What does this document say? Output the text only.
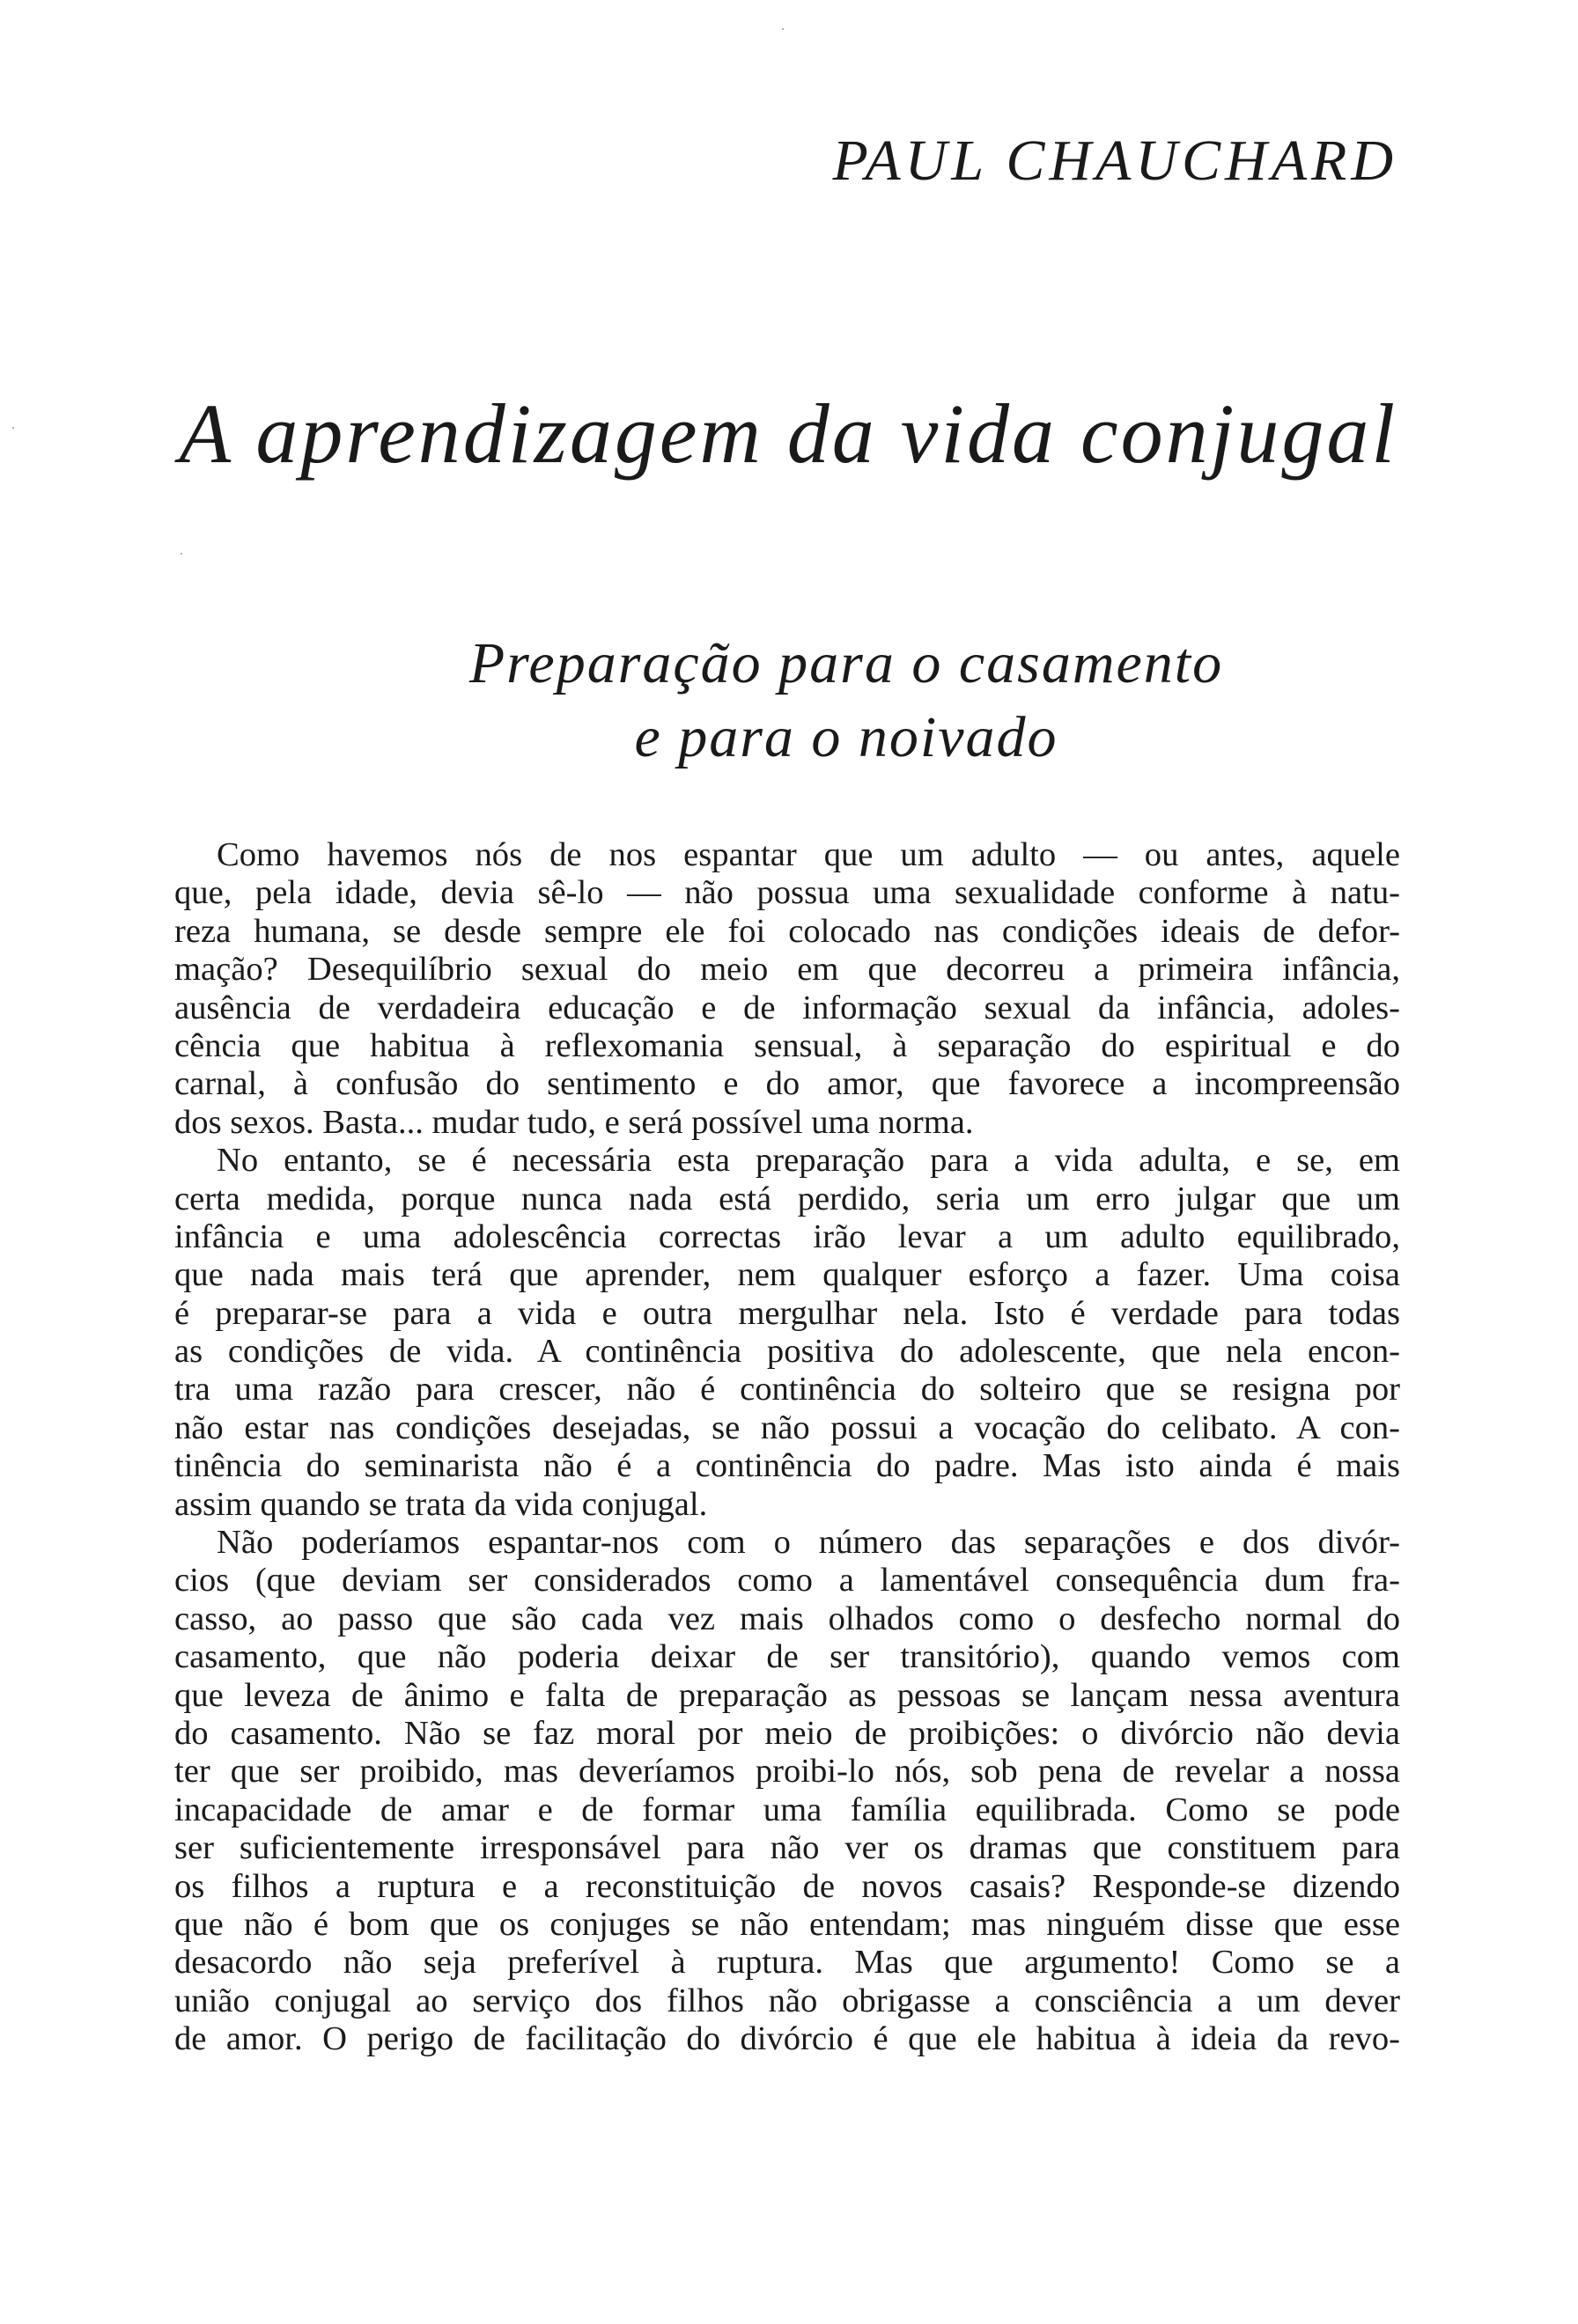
PAUL CHAUCHARD
A aprendizagem da vida conjugal
Preparação para o casamento
e para o noivado
Como havemos nós de nos espantar que um adulto — ou antes, aquele
que, pela idade, devia sê-lo — não possua uma sexualidade conforme à natu-
reza humana, se desde sempre ele foi colocado nas condições ideais de defor-
mação? Desequilíbrio sexual do meio em que decorreu a primeira infância,
ausência de verdadeira educação e de informação sexual da infância, adoles-
cência que habitua à reflexomania sensual, à separação do espiritual e do
carnal, à confusão do sentimento e do amor, que favorece a incompreensão
dos sexos. Basta... mudar tudo, e será possível uma norma.
No entanto, se é necessária esta preparação para a vida adulta, e se, em
certa medida, porque nunca nada está perdido, seria um erro julgar que um
infância e uma adolescência correctas irão levar a um adulto equilibrado,
que nada mais terá que aprender, nem qualquer esforço a fazer. Uma coisa
é preparar-se para a vida e outra mergulhar nela. Isto é verdade para todas
as condições de vida. A continência positiva do adolescente, que nela encon-
tra uma razão para crescer, não é continência do solteiro que se resigna por
não estar nas condições desejadas, se não possui a vocação do celibato. A con-
tinência do seminarista não é a continência do padre. Mas isto ainda é mais
assim quando se trata da vida conjugal.
Não poderíamos espantar-nos com o número das separações e dos divór-
cios (que deviam ser considerados como a lamentável consequência dum fra-
casso, ao passo que são cada vez mais olhados como o desfecho normal do
casamento, que não poderia deixar de ser transitório), quando vemos com
que leveza de ânimo e falta de preparação as pessoas se lançam nessa aventura
do casamento. Não se faz moral por meio de proibições: o divórcio não devia
ter que ser proibido, mas deveríamos proibi-lo nós, sob pena de revelar a nossa
incapacidade de amar e de formar uma família equilibrada. Como se pode
ser suficientemente irresponsável para não ver os dramas que constituem para
os filhos a ruptura e a reconstituição de novos casais? Responde-se dizendo
que não é bom que os conjuges se não entendam; mas ninguém disse que esse
desacordo não seja preferível à ruptura. Mas que argumento! Como se a
união conjugal ao serviço dos filhos não obrigasse a consciência a um dever
de amor. O perigo de facilitação do divórcio é que ele habitua à ideia da revo-
